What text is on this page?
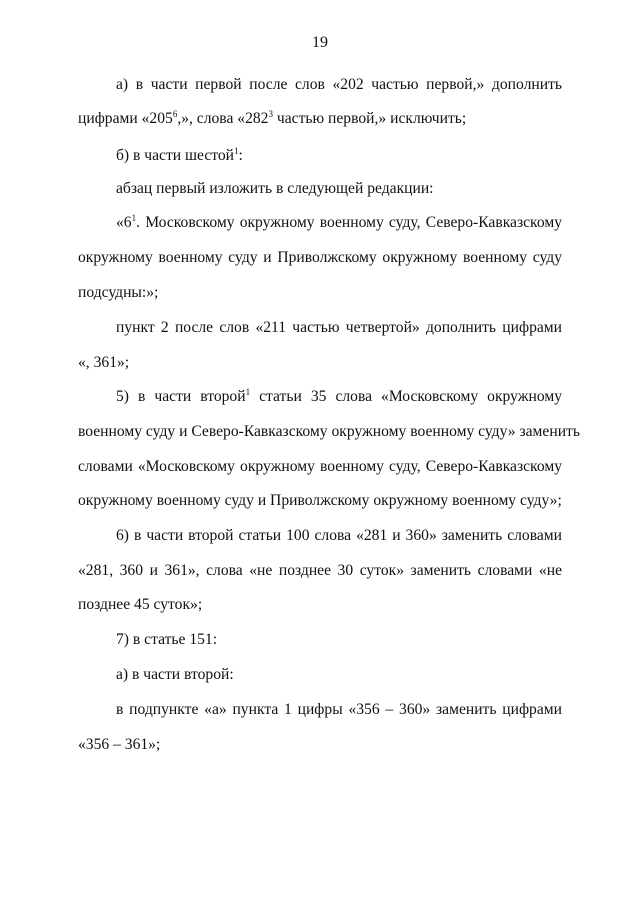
19
а) в части первой после слов «202 частью первой,» дополнить
цифрами «$205^6$,», слова «$282^3$ частью первой,» исключить;
б) в части шестой$^1$:
абзац первый изложить в следующей редакции:
«$6^1$. Московскому окружному военному суду, Северо-Кавказскому
окружному военному суду и Приволжскому окружному военному суду
подсудны:»;
пункт 2 после слов «211 частью четвертой» дополнить цифрами
«, 361»;
5) в части второй$^1$ статьи 35 слова «Московскому окружному
военному суду и Северо-Кавказскому окружному военному суду» заменить
словами «Московскому окружному военному суду, Северо-Кавказскому
окружному военному суду и Приволжскому окружному военному суду»;
6) в части второй статьи 100 слова «281 и 360» заменить словами
«281, 360 и 361», слова «не позднее 30 суток» заменить словами «не
позднее 45 суток»;
7) в статье 151:
а) в части второй:
в подпункте «а» пункта 1 цифры «356 – 360» заменить цифрами
«356 – 361»;
